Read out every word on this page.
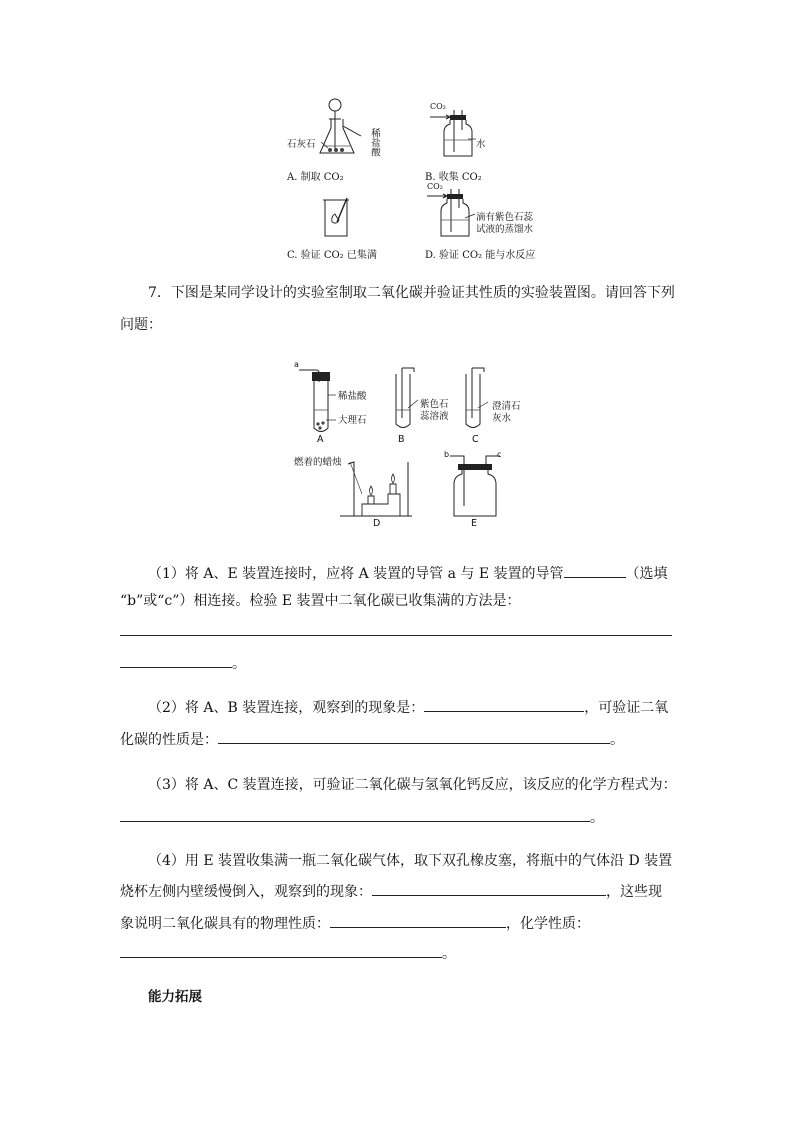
石灰石	稀盐酸
A. 制取 CO₂
CO₂
水
B. 收集 CO₂
C. 验证 CO₂ 已集满
CO₂
滴有紫色石蕊
试液的蒸馏水
D. 验证 CO₂ 能与水反应
7．下图是某同学设计的实验室制取二氧化碳并验证其性质的实验装置图。请回答下列
问题：
a
稀盐酸
大理石
A
紫色石
蕊溶液
B
澄清石
灰水
C
燃着的蜡烛
D
b	c
E
（1）将 A、E 装置连接时，应将 A 装置的导管 a 与 E 装置的导管	（选填
“b”或“c”）相连接。检验 E 装置中二氧化碳已收集满的方法是：
。
（2）将 A、B 装置连接，观察到的现象是：	，可验证二氧
化碳的性质是：	。
（3）将 A、C 装置连接，可验证二氧化碳与氢氧化钙反应，该反应的化学方程式为：
。
（4）用 E 装置收集满一瓶二氧化碳气体，取下双孔橡皮塞，将瓶中的气体沿 D 装置
烧杯左侧内壁缓慢倒入，观察到的现象：	，这些现
象说明二氧化碳具有的物理性质：	，化学性质：
。
能力拓展
